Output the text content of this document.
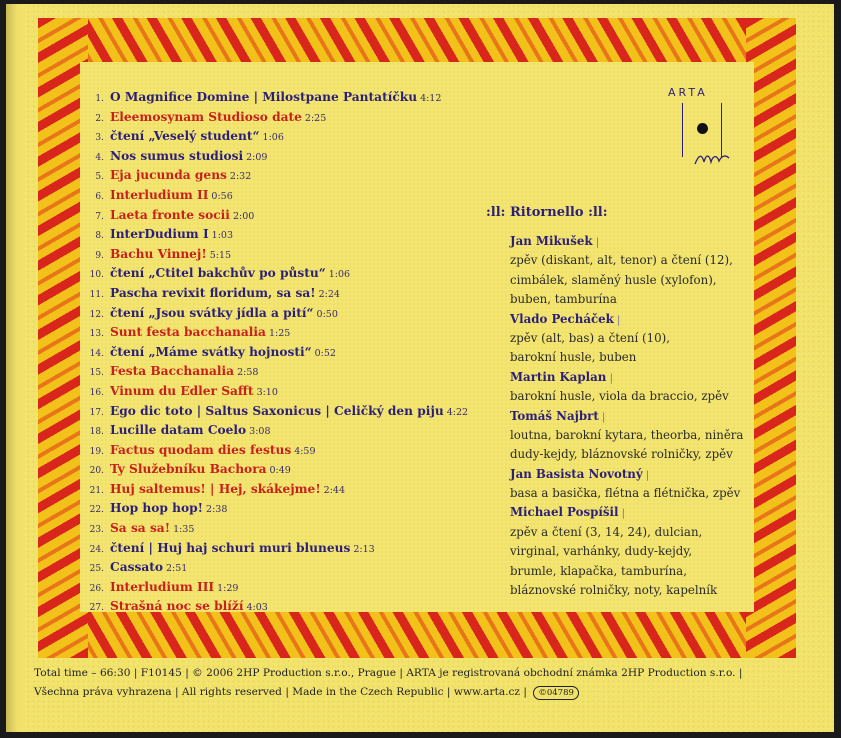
1. O Magnifice Domine | Milostpane Pantatíčku 4:12
2. Eleemosynam Studioso date 2:25
3. čtení „Veselý student“ 1:06
4. Nos sumus studiosi 2:09
5. Eja jucunda gens 2:32
6. Interludium II 0:56
7. Laeta fronte socii 2:00
8. InterDudium I 1:03
9. Bachu Vinnej! 5:15
10. čtení „Ctitel bakchův po půstu“ 1:06
11. Pascha revixit floridum, sa sa! 2:24
12. čtení „Jsou svátky jídla a pití“ 0:50
13. Sunt festa bacchanalia 1:25
14. čtení „Máme svátky hojnosti“ 0:52
15. Festa Bacchanalia 2:58
16. Vinum du Edler Safft 3:10
17. Ego dic toto | Saltus Saxonicus | Celičký den piju 4:22
18. Lucille datam Coelo 3:08
19. Factus quodam dies festus 4:59
20. Ty Služebníku Bachora 0:49
21. Huj saltemus! | Hej, skákejme! 2:44
22. Hop hop hop! 2:38
23. Sa sa sa! 1:35
24. čtení | Huj haj schuri muri bluneus 2:13
25. Cassato 2:51
26. Interludium III 1:29
27. Strašná noc se blíží 4:03
ARTA
:ll: Ritornello :ll:
Jan Mikušek |
zpěv (diskant, alt, tenor) a čtení (12),
cimbálek, slaměný husle (xylofon),
buben, tamburína
Vlado Pecháček |
zpěv (alt, bas) a čtení (10),
barokní husle, buben
Martin Kaplan |
barokní husle, viola da braccio, zpěv
Tomáš Najbrt |
loutna, barokní kytara, theorba, niněra
dudy-kejdy, bláznovské rolničky, zpěv
Jan Basista Novotný |
basa a basička, flétna a flétnička, zpěv
Michael Pospíšil |
zpěv a čtení (3, 14, 24), dulcian,
virginal, varhánky, dudy-kejdy,
brumle, klapačka, tamburína,
bláznovské rolničky, noty, kapelník
Total time – 66:30 | F10145 | © 2006 2HP Production s.r.o., Prague | ARTA je registrovaná obchodní známka 2HP Production s.r.o. |
Všechna práva vyhrazena | All rights reserved | Made in the Czech Republic | www.arta.cz | ©04789
